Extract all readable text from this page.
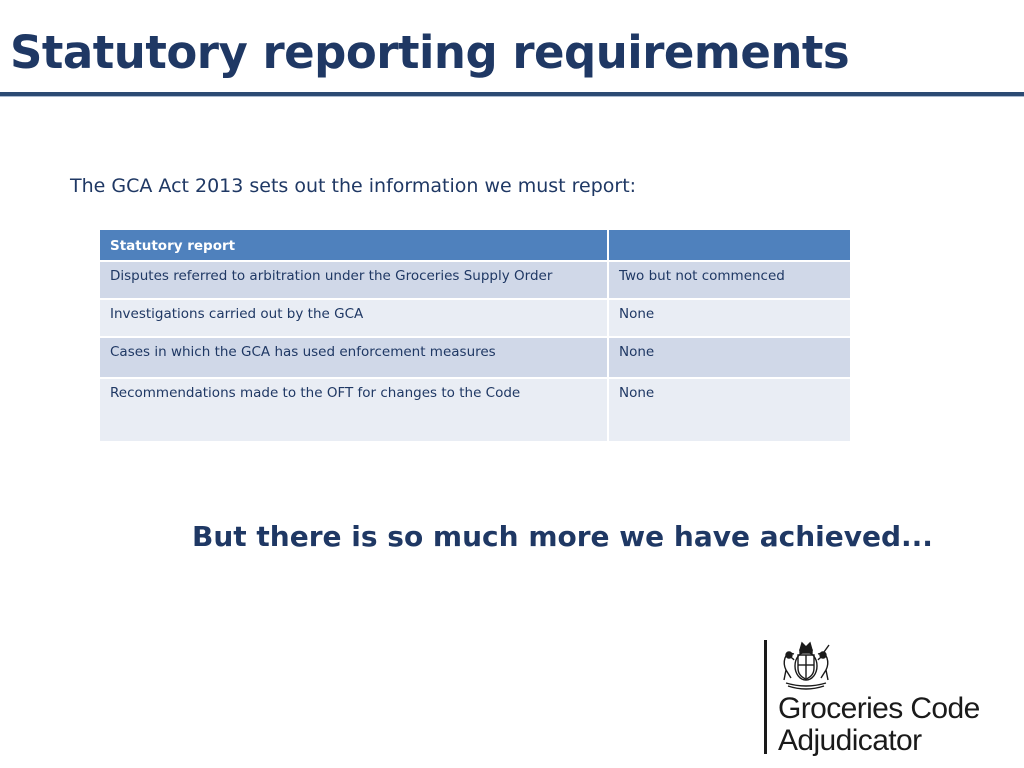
Statutory reporting requirements

The GCA Act 2013 sets out the information we must report:

Statutory report	
Disputes referred to arbitration under the Groceries Supply Order	Two but not commenced
Investigations carried out by the GCA	None
Cases in which the GCA has used enforcement measures	None
Recommendations made to the OFT for changes to the Code	None

But there is so much more we have achieved...

Groceries Code
Adjudicator
